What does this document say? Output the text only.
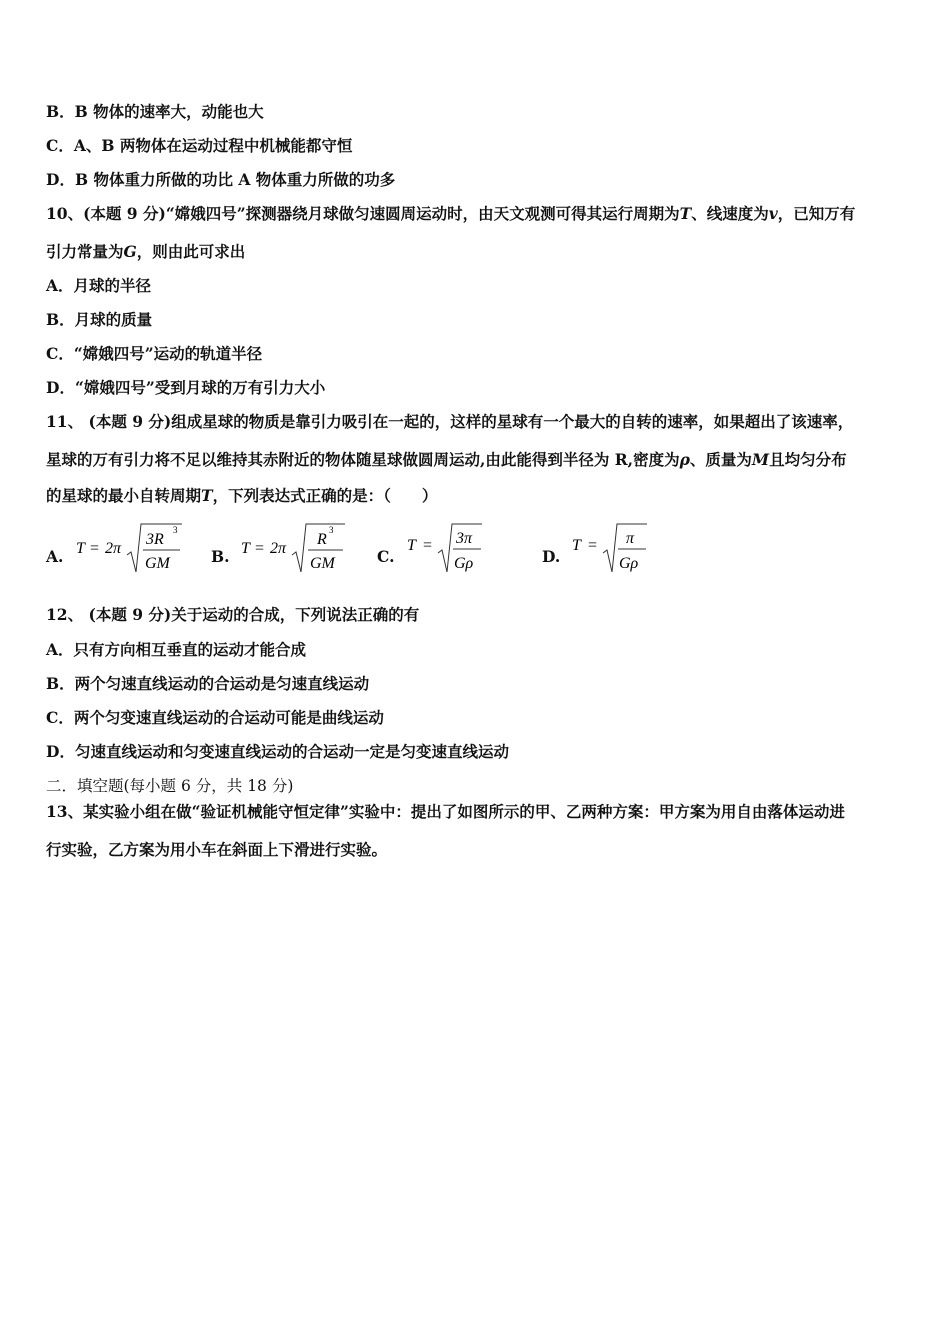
B．B 物体的速率大，动能也大
C．A、B 两物体在运动过程中机械能都守恒
D．B 物体重力所做的功比 A 物体重力所做的功多
10、(本题 9 分)“嫦娥四号”探测器绕月球做匀速圆周运动时，由天文观测可得其运行周期为T、线速度为v，已知万有
引力常量为G，则由此可求出
A．月球的半径
B．月球的质量
C．“嫦娥四号”运动的轨道半径
D．“嫦娥四号”受到月球的万有引力大小
11、 (本题 9 分)组成星球的物质是靠引力吸引在一起的，这样的星球有一个最大的自转的速率，如果超出了该速率，
星球的万有引力将不足以维持其赤附近的物体随星球做圆周运动,由此能得到半径为 R,密度为ρ、质量为M且均匀分布
的星球的最小自转周期T，下列表达式正确的是：（　　）
A. T = 2π
3R
3
GM	B. T = 2π
R
3
GM	C.
T = 3π
Gρ	D.
T = π
Gρ
12、 (本题 9 分)关于运动的合成，下列说法正确的有
A．只有方向相互垂直的运动才能合成
B．两个匀速直线运动的合运动是匀速直线运动
C．两个匀变速直线运动的合运动可能是曲线运动
D．匀速直线运动和匀变速直线运动的合运动一定是匀变速直线运动
二．填空题(每小题 6 分，共 18 分)
13、某实验小组在做“验证机械能守恒定律”实验中：提出了如图所示的甲、乙两种方案：甲方案为用自由落体运动进
行实验，乙方案为用小车在斜面上下滑进行实验。
